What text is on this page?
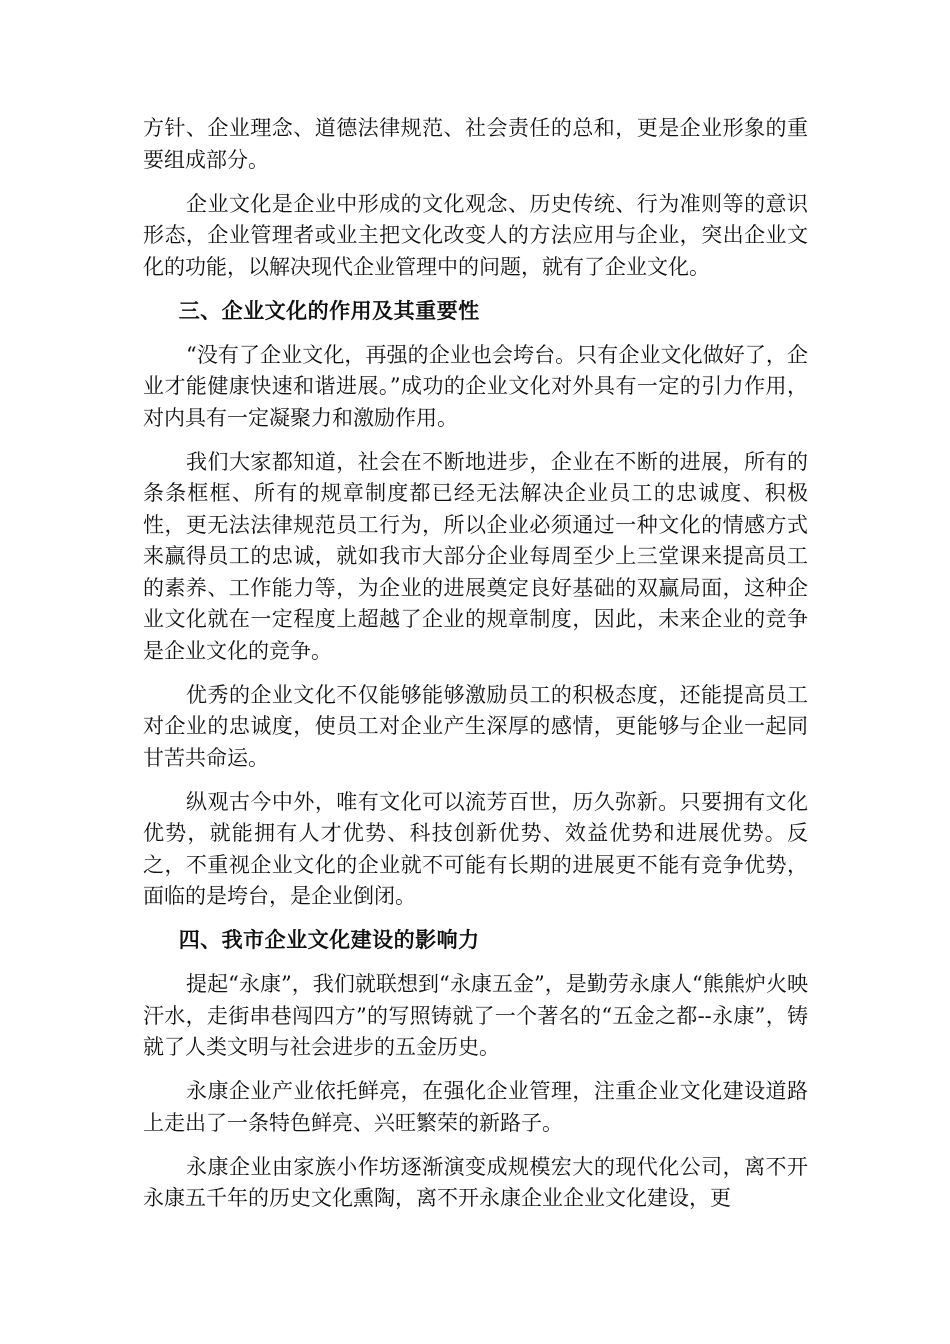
方针、企业理念、道德法律规范、社会责任的总和，更是企业形象的重要组成部分。

企业文化是企业中形成的文化观念、历史传统、行为准则等的意识形态，企业管理者或业主把文化改变人的方法应用与企业，突出企业文化的功能，以解决现代企业管理中的问题，就有了企业文化。

三、企业文化的作用及其重要性

“没有了企业文化，再强的企业也会垮台。只有企业文化做好了，企业才能健康快速和谐进展。”成功的企业文化对外具有一定的引力作用，对内具有一定凝聚力和激励作用。

我们大家都知道，社会在不断地进步，企业在不断的进展，所有的条条框框、所有的规章制度都已经无法解决企业员工的忠诚度、积极性，更无法法律规范员工行为，所以企业必须通过一种文化的情感方式来赢得员工的忠诚，就如我市大部分企业每周至少上三堂课来提高员工的素养、工作能力等，为企业的进展奠定良好基础的双赢局面，这种企业文化就在一定程度上超越了企业的规章制度，因此，未来企业的竞争是企业文化的竞争。

优秀的企业文化不仅能够能够激励员工的积极态度，还能提高员工对企业的忠诚度，使员工对企业产生深厚的感情，更能够与企业一起同甘苦共命运。

纵观古今中外，唯有文化可以流芳百世，历久弥新。只要拥有文化优势，就能拥有人才优势、科技创新优势、效益优势和进展优势。反之，不重视企业文化的企业就不可能有长期的进展更不能有竞争优势，面临的是垮台，是企业倒闭。

四、我市企业文化建设的影响力

提起“永康”，我们就联想到“永康五金”，是勤劳永康人“熊熊炉火映汗水，走街串巷闯四方”的写照铸就了一个著名的“五金之都--永康”，铸就了人类文明与社会进步的五金历史。

永康企业产业依托鲜亮，在强化企业管理，注重企业文化建设道路上走出了一条特色鲜亮、兴旺繁荣的新路子。

永康企业由家族小作坊逐渐演变成规模宏大的现代化公司，离不开永康五千年的历史文化熏陶，离不开永康企业企业文化建设，更
